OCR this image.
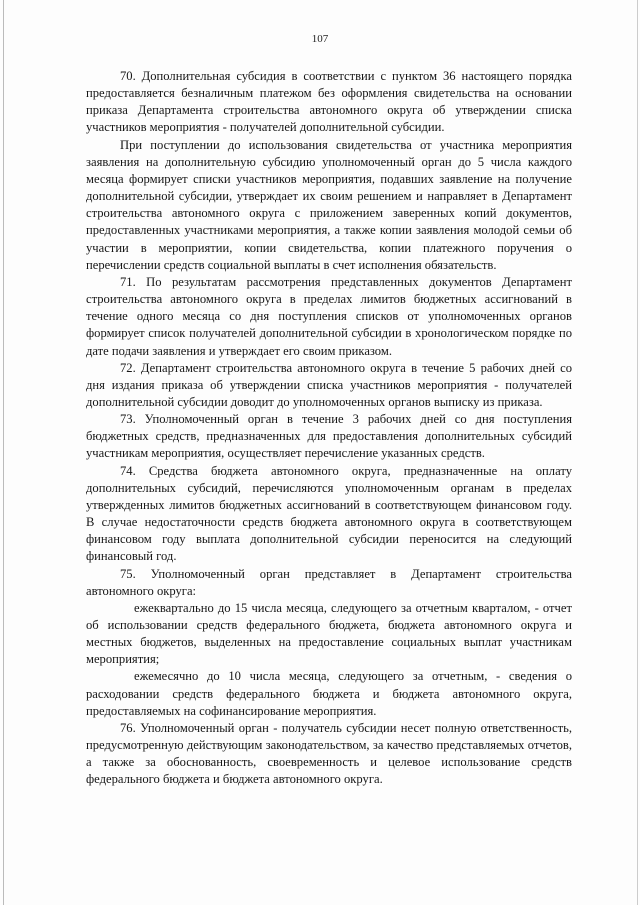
107

70. Дополнительная субсидия в соответствии с пунктом 36 настоящего порядка предоставляется безналичным платежом без оформления свидетельства на основании приказа Департамента строительства автономного округа об утверждении списка участников мероприятия - получателей дополнительной субсидии.

При поступлении до использования свидетельства от участника мероприятия заявления на дополнительную субсидию уполномоченный орган до 5 числа каждого месяца формирует списки участников мероприятия, подавших заявление на получение дополнительной субсидии, утверждает их своим решением и направляет в Департамент строительства автономного округа с приложением заверенных копий документов, предоставленных участниками мероприятия, а также копии заявления молодой семьи об участии в мероприятии, копии свидетельства, копии платежного поручения о перечислении средств социальной выплаты в счет исполнения обязательств.

71. По результатам рассмотрения представленных документов Департамент строительства автономного округа в пределах лимитов бюджетных ассигнований в течение одного месяца со дня поступления списков от уполномоченных органов формирует список получателей дополнительной субсидии в хронологическом порядке по дате подачи заявления и утверждает его своим приказом.

72. Департамент строительства автономного округа в течение 5 рабочих дней со дня издания приказа об утверждении списка участников мероприятия - получателей дополнительной субсидии доводит до уполномоченных органов выписку из приказа.

73. Уполномоченный орган в течение 3 рабочих дней со дня поступления бюджетных средств, предназначенных для предоставления дополнительных субсидий участникам мероприятия, осуществляет перечисление указанных средств.

74. Средства бюджета автономного округа, предназначенные на оплату дополнительных субсидий, перечисляются уполномоченным органам в пределах утвержденных лимитов бюджетных ассигнований в соответствующем финансовом году. В случае недостаточности средств бюджета автономного округа в соответствующем финансовом году выплата дополнительной субсидии переносится на следующий финансовый год.

75. Уполномоченный орган представляет в Департамент строительства автономного округа:

ежеквартально до 15 числа месяца, следующего за отчетным кварталом, - отчет об использовании средств федерального бюджета, бюджета автономного округа и местных бюджетов, выделенных на предоставление социальных выплат участникам мероприятия;

ежемесячно до 10 числа месяца, следующего за отчетным, - сведения о расходовании средств федерального бюджета и бюджета автономного округа, предоставляемых на софинансирование мероприятия.

76. Уполномоченный орган - получатель субсидии несет полную ответственность, предусмотренную действующим законодательством, за качество представляемых отчетов, а также за обоснованность, своевременность и целевое использование средств федерального бюджета и бюджета автономного округа.
